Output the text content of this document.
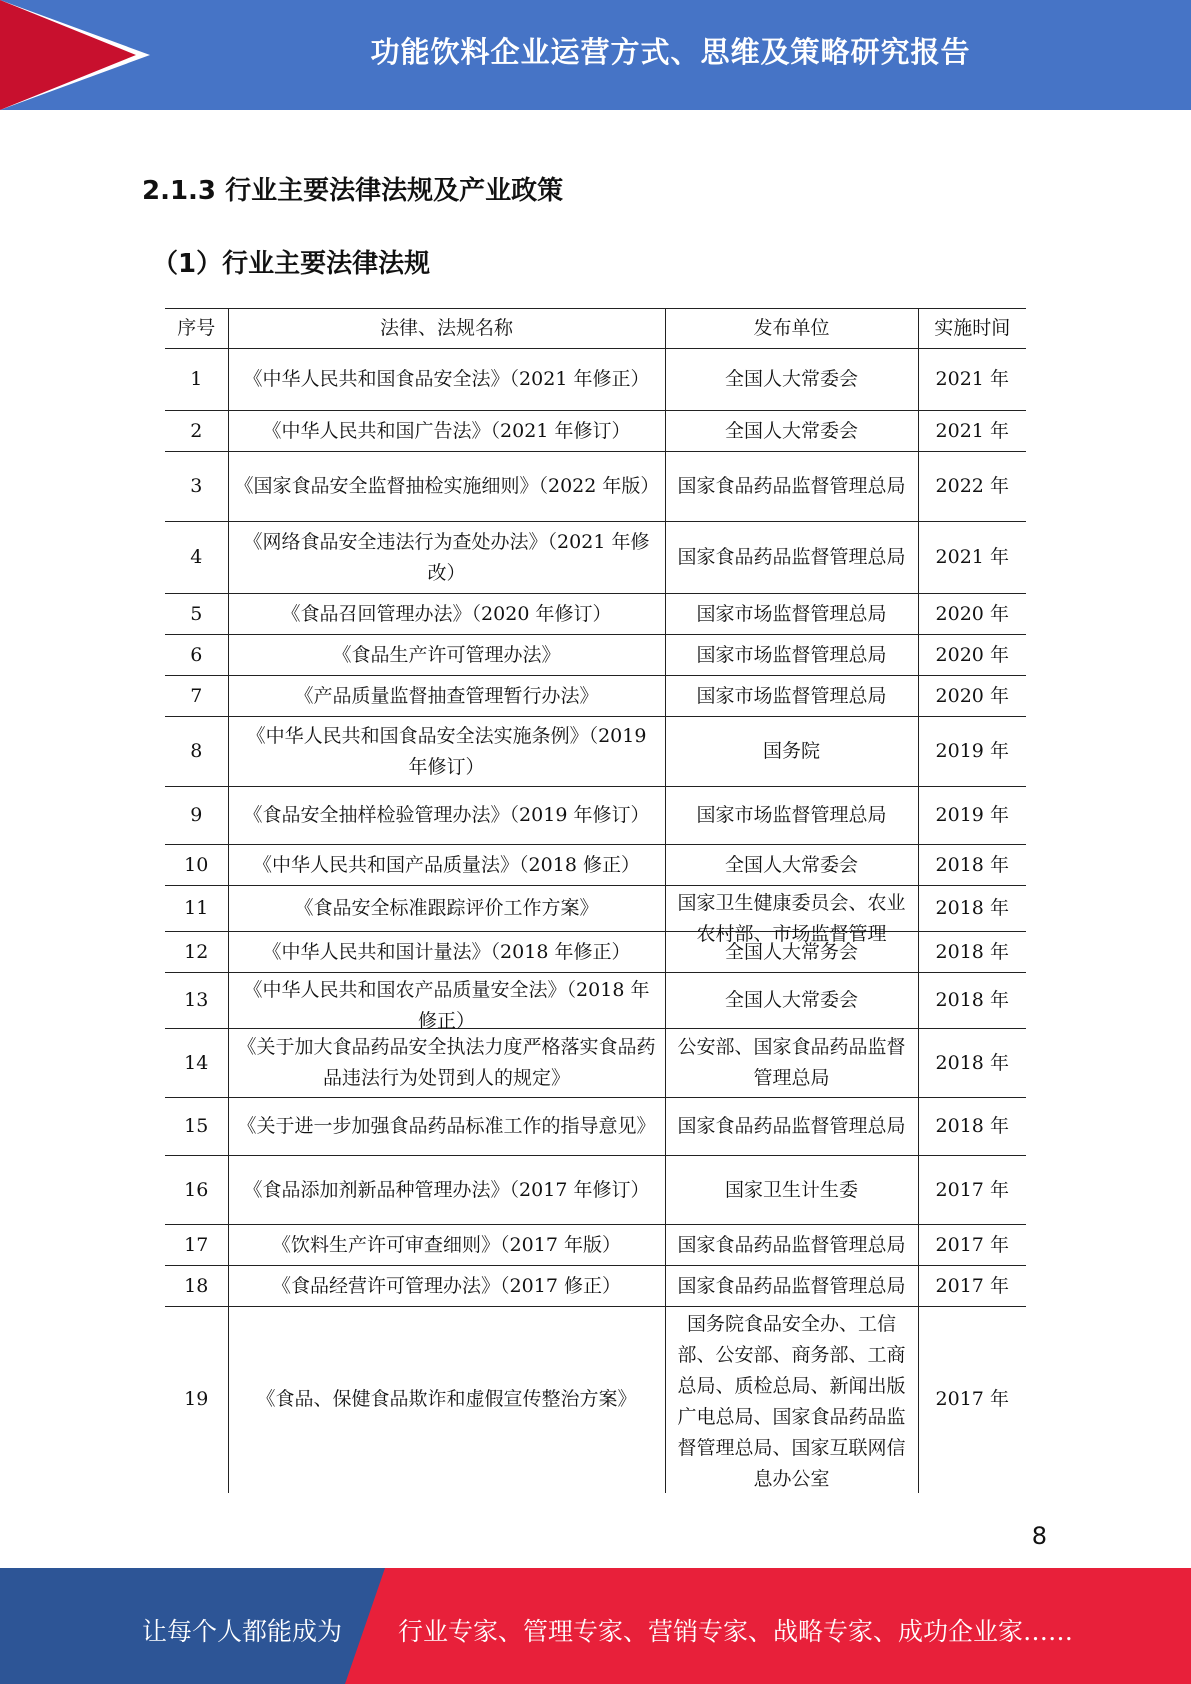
功能饮料企业运营方式、思维及策略研究报告
2.1.3 行业主要法律法规及产业政策
（1）行业主要法律法规
序号	法律、法规名称	发布单位	实施时间

1	《中华人民共和国食品安全法》（2021 年修正）	全国人大常委会	2021 年

2	《中华人民共和国广告法》（2021 年修订）	全国人大常委会	2021 年

3	《国家食品安全监督抽检实施细则》（2022 年版）	国家食品药品监督管理总局	2022 年

4	《网络食品安全违法行为查处办法》（2021 年修改）	国家食品药品监督管理总局	2021 年

5	《食品召回管理办法》（2020 年修订）	国家市场监督管理总局	2020 年

6	《食品生产许可管理办法》	国家市场监督管理总局	2020 年

7	《产品质量监督抽查管理暂行办法》	国家市场监督管理总局	2020 年

8	《中华人民共和国食品安全法实施条例》（2019 年修订）	国务院	2019 年

9	《食品安全抽样检验管理办法》（2019 年修订）	国家市场监督管理总局	2019 年

10	《中华人民共和国产品质量法》（2018 修正）	全国人大常委会	2018 年

11	《食品安全标准跟踪评价工作方案》	国家卫生健康委员会、农业农村部、市场监督管理	2018 年

12	《中华人民共和国计量法》（2018 年修正）	全国人大常务会	2018 年

13	《中华人民共和国农产品质量安全法》（2018 年修正）	全国人大常委会	2018 年

14	《关于加大食品药品安全执法力度严格落实食品药品违法行为处罚到人的规定》	公安部、国家食品药品监督管理总局	2018 年

15	《关于进一步加强食品药品标准工作的指导意见》	国家食品药品监督管理总局	2018 年

16	《食品添加剂新品种管理办法》（2017 年修订）	国家卫生计生委	2017 年

17	《饮料生产许可审查细则》（2017 年版）	国家食品药品监督管理总局	2017 年

18	《食品经营许可管理办法》（2017 修正）	国家食品药品监督管理总局	2017 年

19	《食品、保健食品欺诈和虚假宣传整治方案》	国务院食品安全办、工信部、公安部、商务部、工商总局、质检总局、新闻出版广电总局、国家食品药品监督管理总局、国家互联网信息办公室	2017 年
8
让每个人都能成为 行业专家、管理专家、营销专家、战略专家、成功企业家……
